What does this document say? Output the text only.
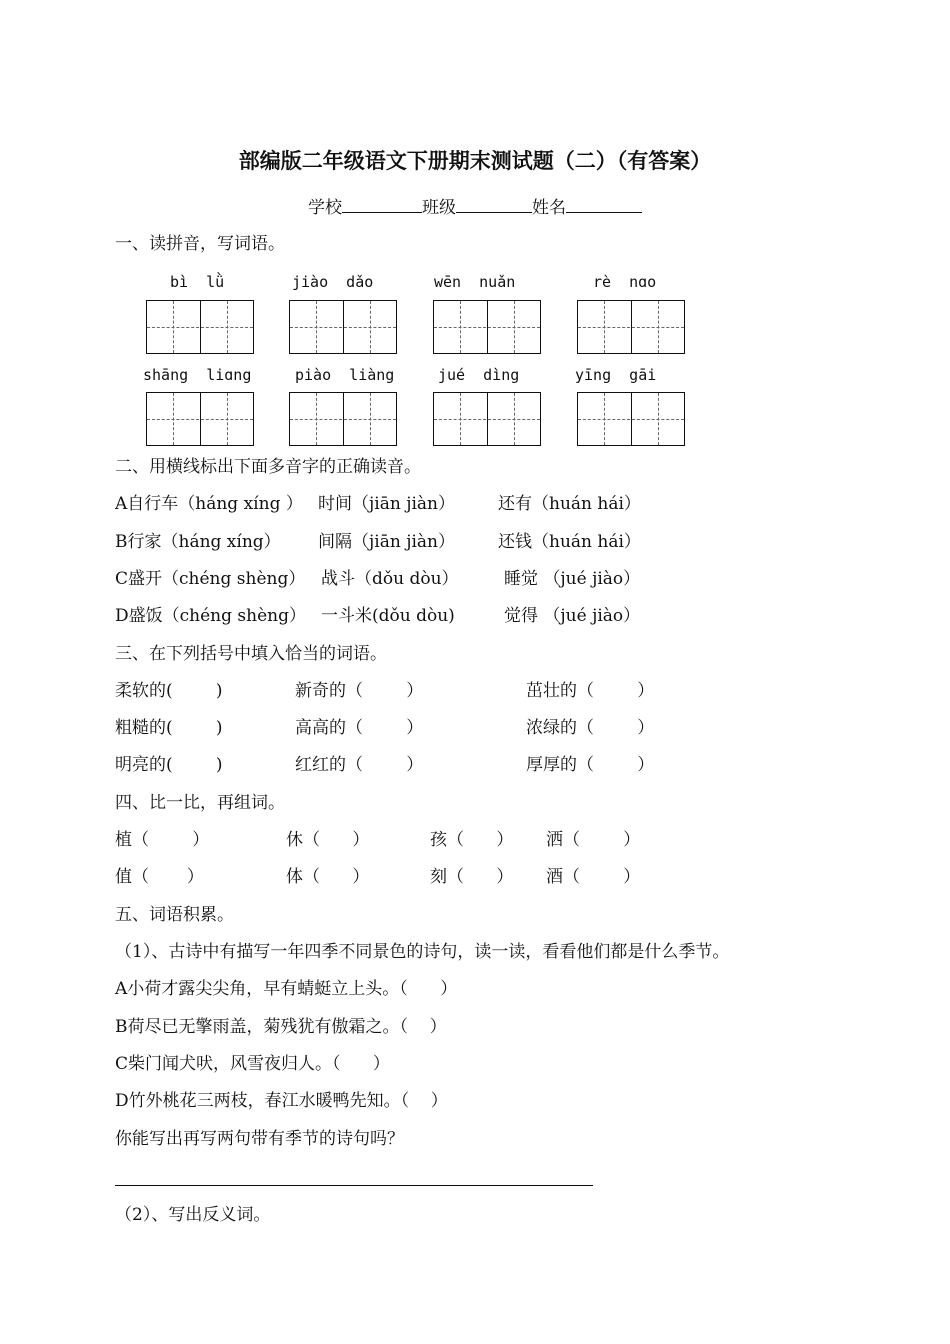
部编版二年级语文下册期末测试题（二）（有答案）
学校	班级	姓名
一、读拼音，写词语。
bì  lǜ	jiào  dǎo	wēn  nuǎn	rè  nɑo
shāng  liɑng	piào  liàng	jué  dìng	yīng  gāi
二、用横线标出下面多音字的正确读音。
A自行车（háng xíng ） 时间（jiān jiàn）	还有（huán hái）
B行家（háng xíng） 间隔（jiān jiàn）	还钱（huán hái）
C盛开（chéng shèng） 战斗（dǒu dòu）	睡觉 （jué jiào）
D盛饭（chéng shèng） 一斗米(dǒu dòu)	觉得 （jué jiào）
三、在下列括号中填入恰当的词语。
柔软的(        )	新奇的（        ）	茁壮的（        ）
粗糙的(        )	高高的（        ）	浓绿的（        ）
明亮的(        )	红红的（        ）	厚厚的（        ）
四、比一比，再组词。
植（        ）	休（      ）	孩（      ） 洒（        ）
值（       ）	体（      ）	刻（      ） 酒（        ）
五、词语积累。
（1）、古诗中有描写一年四季不同景色的诗句，读一读，看看他们都是什么季节。
A小荷才露尖尖角，早有蜻蜓立上头。（      ）
B荷尽已无擎雨盖，菊残犹有傲霜之。（    ）
C柴门闻犬吠，风雪夜归人。（      ）
D竹外桃花三两枝，春江水暖鸭先知。（    ）
你能写出再写两句带有季节的诗句吗？
（2）、写出反义词。
